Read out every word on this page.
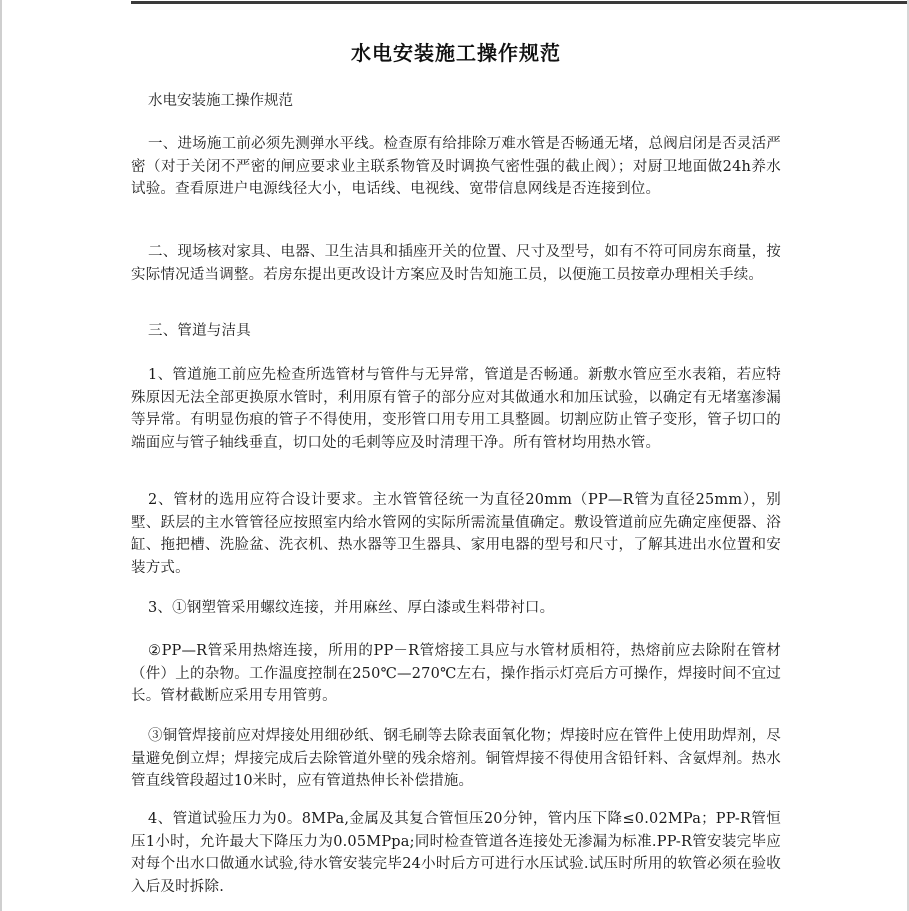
水电安装施工操作规范
水电安装施工操作规范
一、进场施工前必须先测弹水平线。检查原有给排除万难水管是否畅通无堵，总阀启闭是否灵活严密（对于关闭不严密的闸应要求业主联系物管及时调换气密性强的截止阀）；对厨卫地面做24h养水试验。查看原进户电源线径大小，电话线、电视线、宽带信息网线是否连接到位。
二、现场核对家具、电器、卫生洁具和插座开关的位置、尺寸及型号，如有不符可同房东商量，按实际情况适当调整。若房东提出更改设计方案应及时告知施工员，以便施工员按章办理相关手续。
三、管道与洁具
1、管道施工前应先检查所选管材与管件与无异常，管道是否畅通。新敷水管应至水表箱，若应特殊原因无法全部更换原水管时，利用原有管子的部分应对其做通水和加压试验，以确定有无堵塞渗漏等异常。有明显伤痕的管子不得使用，变形管口用专用工具整圆。切割应防止管子变形，管子切口的端面应与管子轴线垂直，切口处的毛刺等应及时清理干净。所有管材均用热水管。
2、管材的选用应符合设计要求。主水管管径统一为直径20mm（PP—R管为直径25mm），别墅、跃层的主水管管径应按照室内给水管网的实际所需流量值确定。敷设管道前应先确定座便器、浴缸、拖把槽、洗脸盆、洗衣机、热水器等卫生器具、家用电器的型号和尺寸，了解其进出水位置和安装方式。
3、①钢塑管采用螺纹连接，并用麻丝、厚白漆或生料带衬口。
②PP—R管采用热熔连接，所用的PP－R管熔接工具应与水管材质相符，热熔前应去除附在管材（件）上的杂物。工作温度控制在250℃—270℃左右，操作指示灯亮后方可操作，焊接时间不宜过长。管材截断应采用专用管剪。
③铜管焊接前应对焊接处用细砂纸、钢毛刷等去除表面氧化物；焊接时应在管件上使用助焊剂，尽量避免倒立焊；焊接完成后去除管道外壁的残余熔剂。铜管焊接不得使用含铅钎料、含氨焊剂。热水管直线管段超过10米时，应有管道热伸长补偿措施。
4、管道试验压力为0。8MPa,金属及其复合管恒压20分钟，管内压下降≤0.02MPa；PP-R管恒压1小时，允许最大下降压力为0.05MPpa;同时检查管道各连接处无渗漏为标准.PP-R管安装完毕应对每个出水口做通水试验,待水管安装完毕24小时后方可进行水压试验.试压时所用的软管必须在验收入后及时拆除.
